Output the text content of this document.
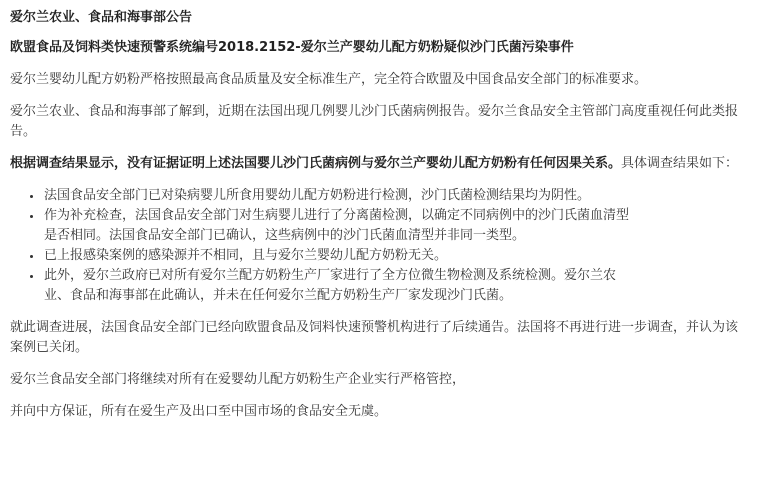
爱尔兰农业、食品和海事部公告
欧盟食品及饲料类快速预警系统编号2018.2152-爱尔兰产婴幼儿配方奶粉疑似沙门氏菌污染事件

爱尔兰婴幼儿配方奶粉严格按照最高食品质量及安全标准生产，完全符合欧盟及中国食品安全部门的标准要求。

爱尔兰农业、食品和海事部了解到，近期在法国出现几例婴儿沙门氏菌病例报告。爱尔兰食品安全主管部门高度重视任何此类报告。

根据调查结果显示，没有证据证明上述法国婴儿沙门氏菌病例与爱尔兰产婴幼儿配方奶粉有任何因果关系。具体调查结果如下：

• 法国食品安全部门已对染病婴儿所食用婴幼儿配方奶粉进行检测，沙门氏菌检测结果均为阴性。
• 作为补充检查，法国食品安全部门对生病婴儿进行了分离菌检测，以确定不同病例中的沙门氏菌血清型是否相同。法国食品安全部门已确认，这些病例中的沙门氏菌血清型并非同一类型。
• 已上报感染案例的感染源并不相同，且与爱尔兰婴幼儿配方奶粉无关。
• 此外，爱尔兰政府已对所有爱尔兰配方奶粉生产厂家进行了全方位微生物检测及系统检测。爱尔兰农业、食品和海事部在此确认，并未在任何爱尔兰配方奶粉生产厂家发现沙门氏菌。

就此调查进展，法国食品安全部门已经向欧盟食品及饲料快速预警机构进行了后续通告。法国将不再进行进一步调查，并认为该案例已关闭。

爱尔兰食品安全部门将继续对所有在爱婴幼儿配方奶粉生产企业实行严格管控，

并向中方保证，所有在爱生产及出口至中国市场的食品安全无虞。
